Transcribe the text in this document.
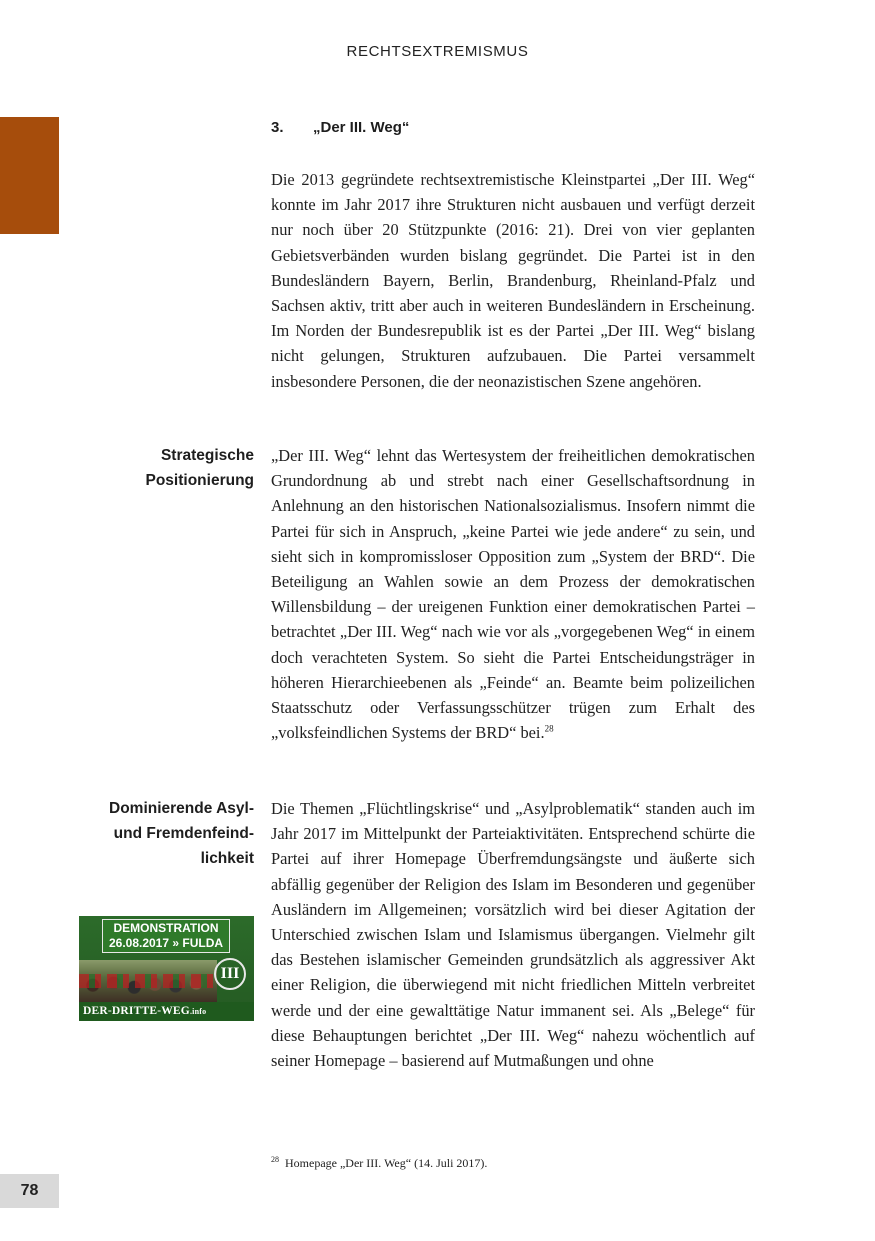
RECHTSEXTREMISMUS
3. „Der III. Weg“
Die 2013 gegründete rechtsextremistische Kleinstpartei „Der III. Weg“ konnte im Jahr 2017 ihre Strukturen nicht ausbauen und verfügt derzeit nur noch über 20 Stützpunkte (2016: 21). Drei von vier geplanten Gebietsverbänden wurden bislang gegründet. Die Partei ist in den Bundesländern Bayern, Berlin, Brandenburg, Rheinland-Pfalz und Sachsen aktiv, tritt aber auch in weiteren Bundesländern in Erscheinung. Im Norden der Bundesrepublik ist es der Partei „Der III. Weg“ bislang nicht gelungen, Strukturen aufzubauen. Die Partei versammelt insbesondere Personen, die der neonazistischen Szene angehören.
Strategische
Positionierung
„Der III. Weg“ lehnt das Wertesystem der freiheitlichen demokratischen Grundordnung ab und strebt nach einer Gesellschaftsordnung in Anlehnung an den historischen Nationalsozialismus. Insofern nimmt die Partei für sich in Anspruch, „keine Partei wie jede andere“ zu sein, und sieht sich in kompromissloser Opposition zum „System der BRD“. Die Beteiligung an Wahlen sowie an dem Prozess der demokratischen Willensbildung – der ureigenen Funktion einer demokratischen Partei – betrachtet „Der III. Weg“ nach wie vor als „vorgegebenen Weg“ in einem doch verachteten System. So sieht die Partei Entscheidungsträger in höheren Hierarchieebenen als „Feinde“ an. Beamte beim polizeilichen Staatsschutz oder Verfassungsschützer trügen zum Erhalt des „volksfeindlichen Systems der BRD“ bei.$^{28}$
Dominierende Asyl-
und Fremdenfeind-
lichkeit
Die Themen „Flüchtlingskrise“ und „Asylproblematik“ standen auch im Jahr 2017 im Mittelpunkt der Parteiaktivitäten. Entsprechend schürte die Partei auf ihrer Homepage Überfremdungsängste und äußerte sich abfällig gegenüber der Religion des Islam im Besonderen und gegenüber Ausländern im Allgemeinen; vorsätzlich wird bei dieser Agitation der Unterschied zwischen Islam und Islamismus übergangen. Vielmehr gilt das Bestehen islamischer Gemeinden grundsätzlich als aggressiver Akt einer Religion, die überwiegend mit nicht friedlichen Mitteln verbreitet werde und der eine gewalttätige Natur immanent sei. Als „Belege“ für diese Behauptungen berichtet „Der III. Weg“ nahezu wöchentlich auf seiner Homepage – basierend auf Mutmaßungen und ohne
DEMONSTRATION
26.08.2017 » FULDA
III
DER-DRITTE-WEG.info
$^{28}$ Homepage „Der III. Weg“ (14. Juli 2017).
78
